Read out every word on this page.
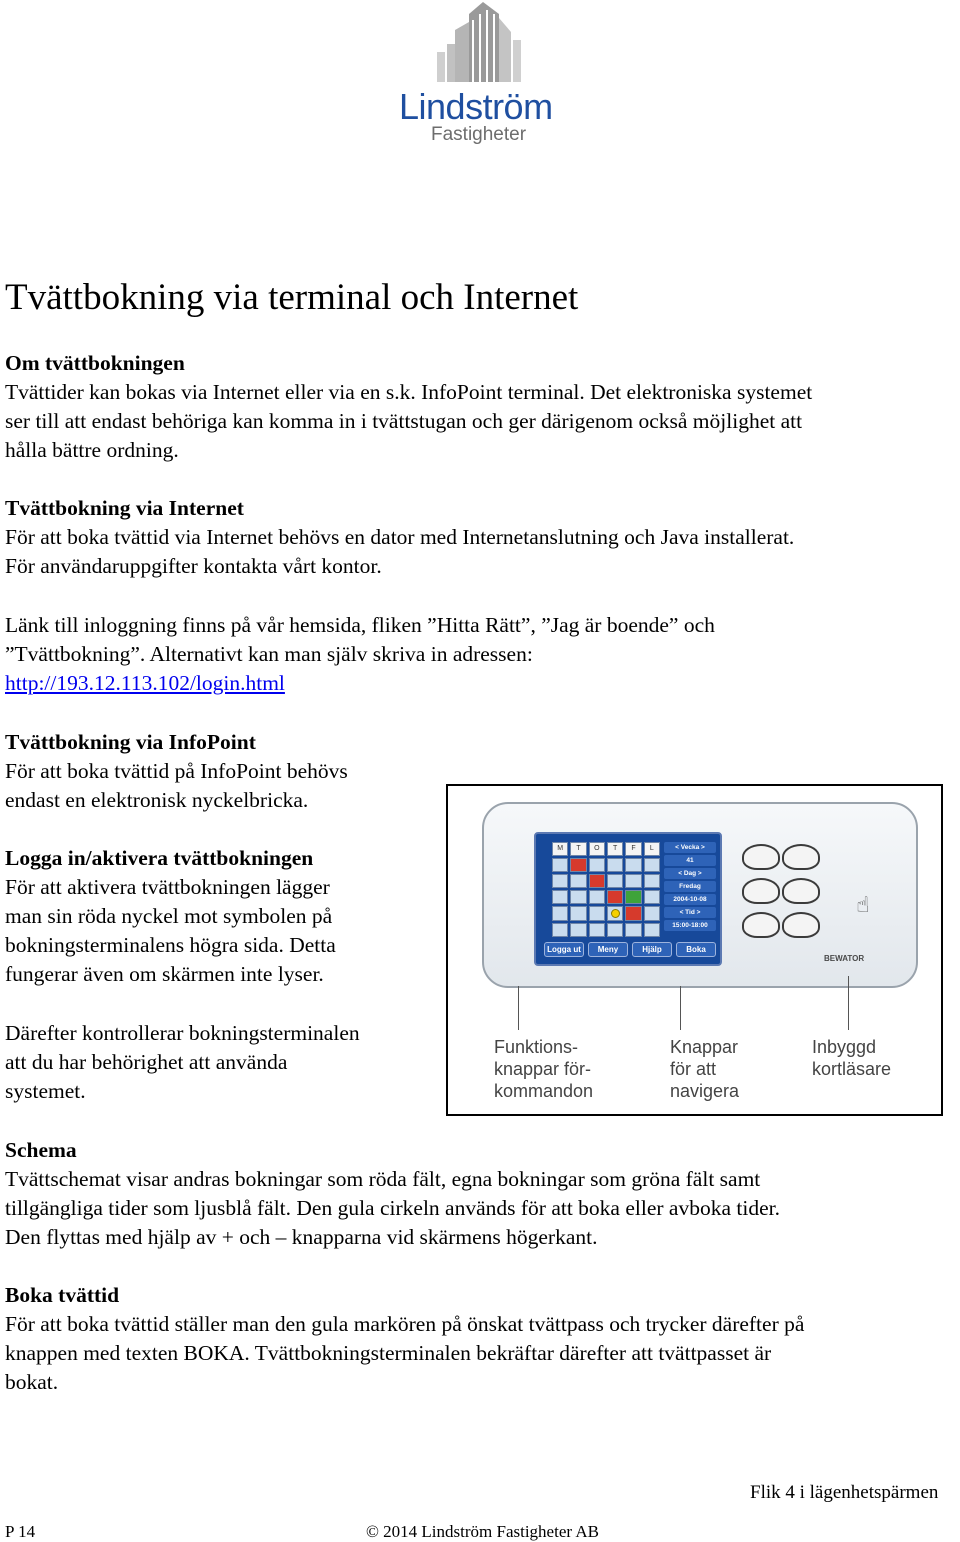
Lindström
Fastigheter
Tvättbokning via terminal och Internet
Om tvättbokningen
Tvättider kan bokas via Internet eller via en s.k. InfoPoint terminal. Det elektroniska systemet
ser till att endast behöriga kan komma in i tvättstugan och ger därigenom också möjlighet att
hålla bättre ordning.
Tvättbokning via Internet
För att boka tvättid via Internet behövs en dator med Internetanslutning och Java installerat.
För användaruppgifter kontakta vårt kontor.
Länk till inloggning finns på vår hemsida, fliken ”Hitta Rätt”, ”Jag är boende” och
”Tvättbokning”. Alternativt kan man själv skriva in adressen:
http://193.12.113.102/login.html
Tvättbokning via InfoPoint
För att boka tvättid på InfoPoint behövs
endast en elektronisk nyckelbricka.
Logga in/aktivera tvättbokningen
För att aktivera tvättbokningen lägger
man sin röda nyckel mot symbolen på
bokningsterminalens högra sida. Detta
fungerar även om skärmen inte lyser.
Därefter kontrollerar bokningsterminalen
att du har behörighet att använda
systemet.
M	T	O	T	F	L	< Vecka >
41
< Dag >
Fredag
2004-10-08
< Tid >
15:00-18:00
Logga ut	Meny	Hjälp	Boka
☝
BEWATOR
Funktions-
knappar för-
kommandon
Knappar
för att
navigera
Inbyggd
kortläsare
Schema
Tvättschemat visar andras bokningar som röda fält, egna bokningar som gröna fält samt
tillgängliga tider som ljusblå fält. Den gula cirkeln används för att boka eller avboka tider.
Den flyttas med hjälp av + och – knapparna vid skärmens högerkant.
Boka tvättid
För att boka tvättid ställer man den gula markören på önskat tvättpass och trycker därefter på
knappen med texten BOKA. Tvättbokningsterminalen bekräftar därefter att tvättpasset är
bokat.
Flik 4 i lägenhetspärmen
P 14	© 2014 Lindström Fastigheter AB
